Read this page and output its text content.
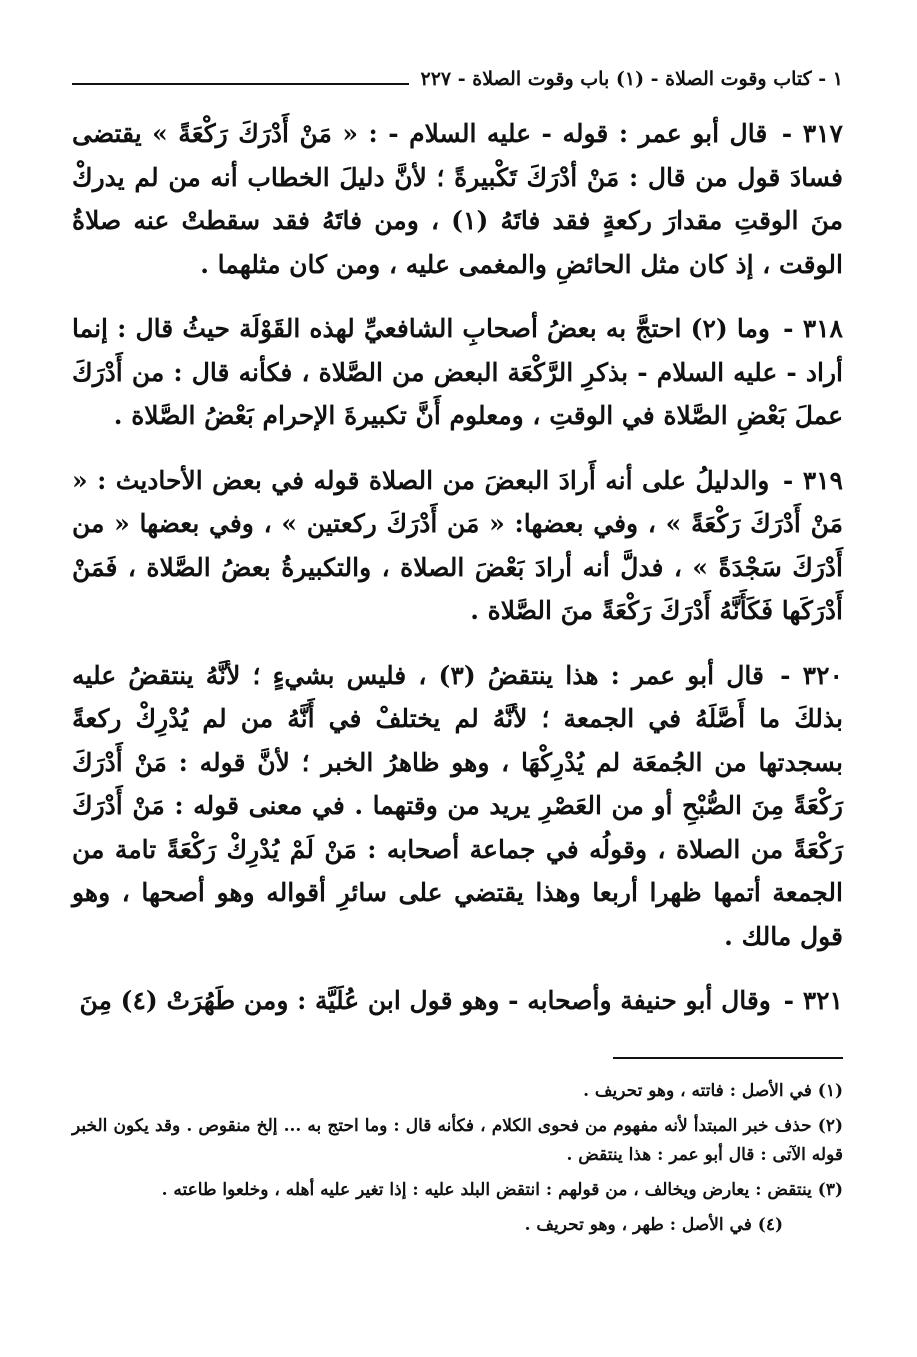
١ - كتاب وقوت الصلاة - (١) باب وقوت الصلاة - ٢٢٧

٣١٧ - قال أبو عمر : قوله - عليه السلام - : « مَنْ أَدْرَكَ رَكْعَةً » يقتضى فسادَ قول من قال : مَنْ أدْرَكَ تَكْبيرةً ؛ لأنَّ دليلَ الخطاب أنه من لم يدركْ منَ الوقتِ مقدارَ ركعةٍ فقد فاتَهُ (١) ، ومن فاتَهُ فقد سقطتْ عنه صلاةُ الوقت ، إذ كان مثل الحائضِ والمغمى عليه ، ومن كان مثلهما .

٣١٨ - وما (٢) احتجَّ به بعضُ أصحابِ الشافعيِّ لهذه القَوْلَة حيثُ قال : إنما أراد - عليه السلام - بذكرِ الرَّكْعَة البعض من الصَّلاة ، فكأنه قال : من أَدْرَكَ عملَ بَعْضِ الصَّلاة في الوقتِ ، ومعلوم أَنَّ تكبيرةَ الإحرام بَعْضُ الصَّلاة .

٣١٩ - والدليلُ على أنه أَرادَ البعضَ من الصلاة قوله في بعض الأحاديث : « مَنْ أَدْرَكَ رَكْعَةً » ، وفي بعضها: « مَن أَدْرَكَ ركعتين » ، وفي بعضها « من أَدْرَكَ سَجْدَةً » ، فدلَّ أنه أرادَ بَعْضَ الصلاة ، والتكبيرةُ بعضُ الصَّلاة ، فَمَنْ أَدْرَكَها فَكَأَنَّهُ أَدْرَكَ رَكْعَةً منَ الصَّلاة .

٣٢٠ - قال أبو عمر : هذا ينتقضُ (٣) ، فليس بشيءٍ ؛ لأنَّهُ ينتقضُ عليه بذلكَ ما أَصَّلَهُ في الجمعة ؛ لأنَّهُ لم يختلفْ في أَنَّهُ من لم يُدْرِكْ ركعةً بسجدتها من الجُمعَة لم يُدْرِكْهَا ، وهو ظاهرُ الخبر ؛ لأنَّ قوله : مَنْ أَدْرَكَ رَكْعَةً مِنَ الصُّبْحِ أو من العَصْرِ يريد من وقتهما . في معنى قوله : مَنْ أَدْرَكَ رَكْعَةً من الصلاة ، وقولُه في جماعة أصحابه : مَنْ لَمْ يُدْرِكْ رَكْعَةً تامة من الجمعة أتمها ظهرا أربعا وهذا يقتضي على سائرِ أقواله وهو أصحها ، وهو قول مالك .

٣٢١ - وقال أبو حنيفة وأصحابه - وهو قول ابن عُلَيَّة : ومن طَهُرَتْ (٤) مِنَ

(١) في الأصل : فاتته ، وهو تحريف .

(٢) حذف خبر المبتدأ لأنه مفهوم من فحوى الكلام ، فكأنه قال : وما احتج به ... إلخ منقوص . وقد يكون الخبر قوله الآتى : قال أبو عمر : هذا ينتقض .

(٣) ينتقض : يعارض ويخالف ، من قولهم : انتقض البلد عليه : إذا تغير عليه أهله ، وخلعوا طاعته .

(٤) في الأصل : طهر ، وهو تحريف .
